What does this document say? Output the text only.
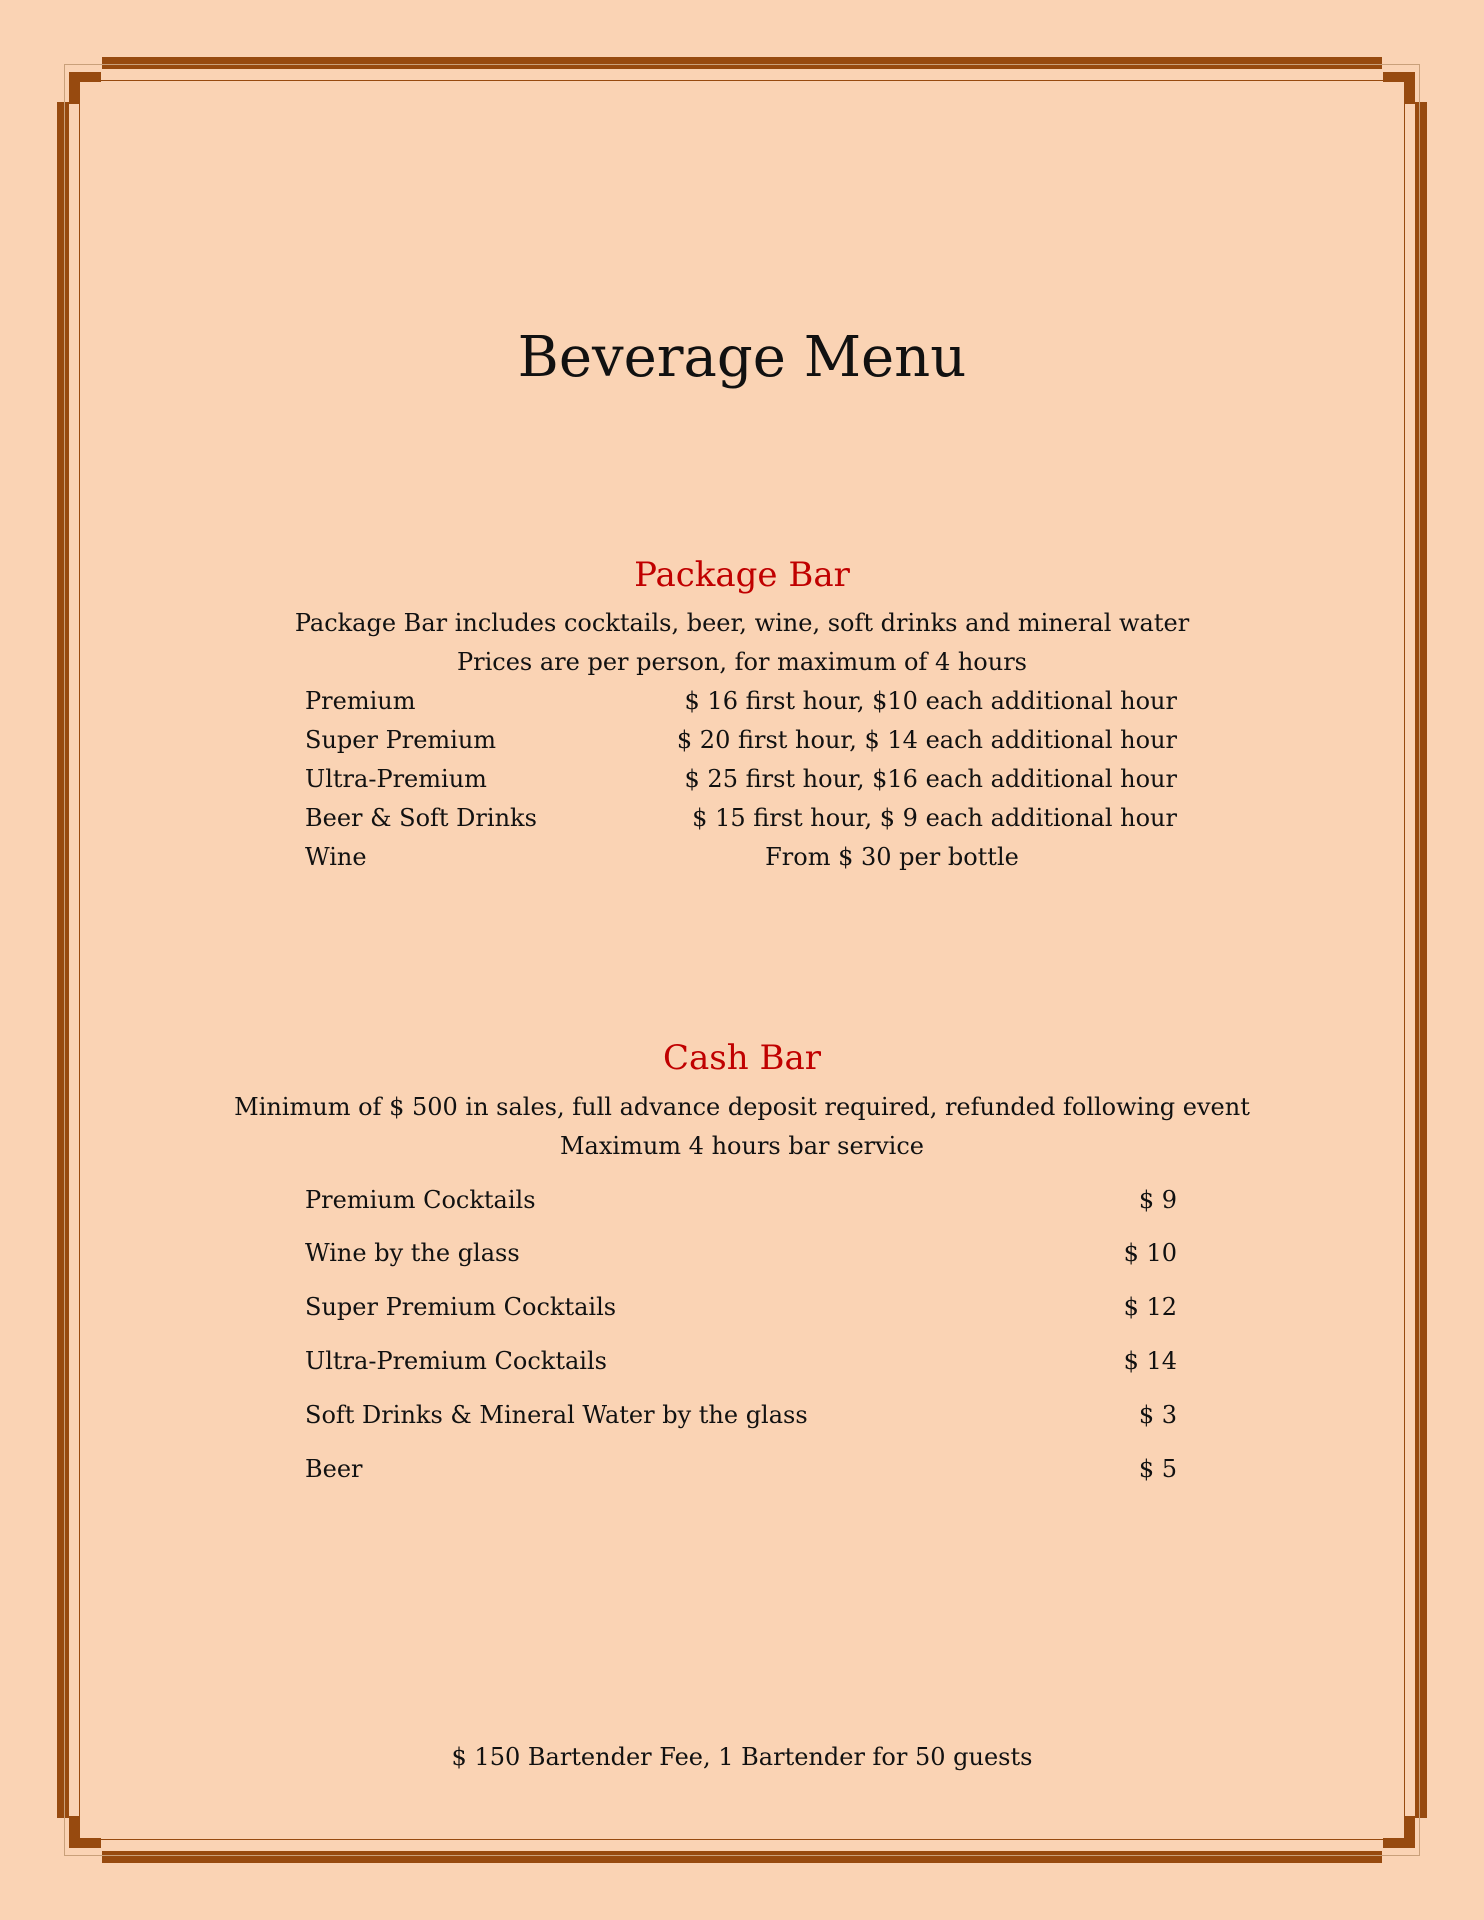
Beverage Menu
Package Bar
Package Bar includes cocktails, beer, wine, soft drinks and mineral water
Prices are per person, for maximum of 4 hours
Premium	$ 16 first hour, $10 each additional hour
Super Premium	$ 20 first hour, $ 14 each additional hour
Ultra-Premium	$ 25 first hour, $16 each additional hour
Beer & Soft Drinks	$ 15 first hour, $ 9 each additional hour
Wine	From $ 30 per bottle
Cash Bar
Minimum of $ 500 in sales, full advance deposit required, refunded following event
Maximum 4 hours bar service
Premium Cocktails	$ 9
Wine by the glass	$ 10
Super Premium Cocktails	$ 12
Ultra-Premium Cocktails	$ 14
Soft Drinks & Mineral Water by the glass	$ 3
Beer	$ 5
$ 150 Bartender Fee, 1 Bartender for 50 guests
